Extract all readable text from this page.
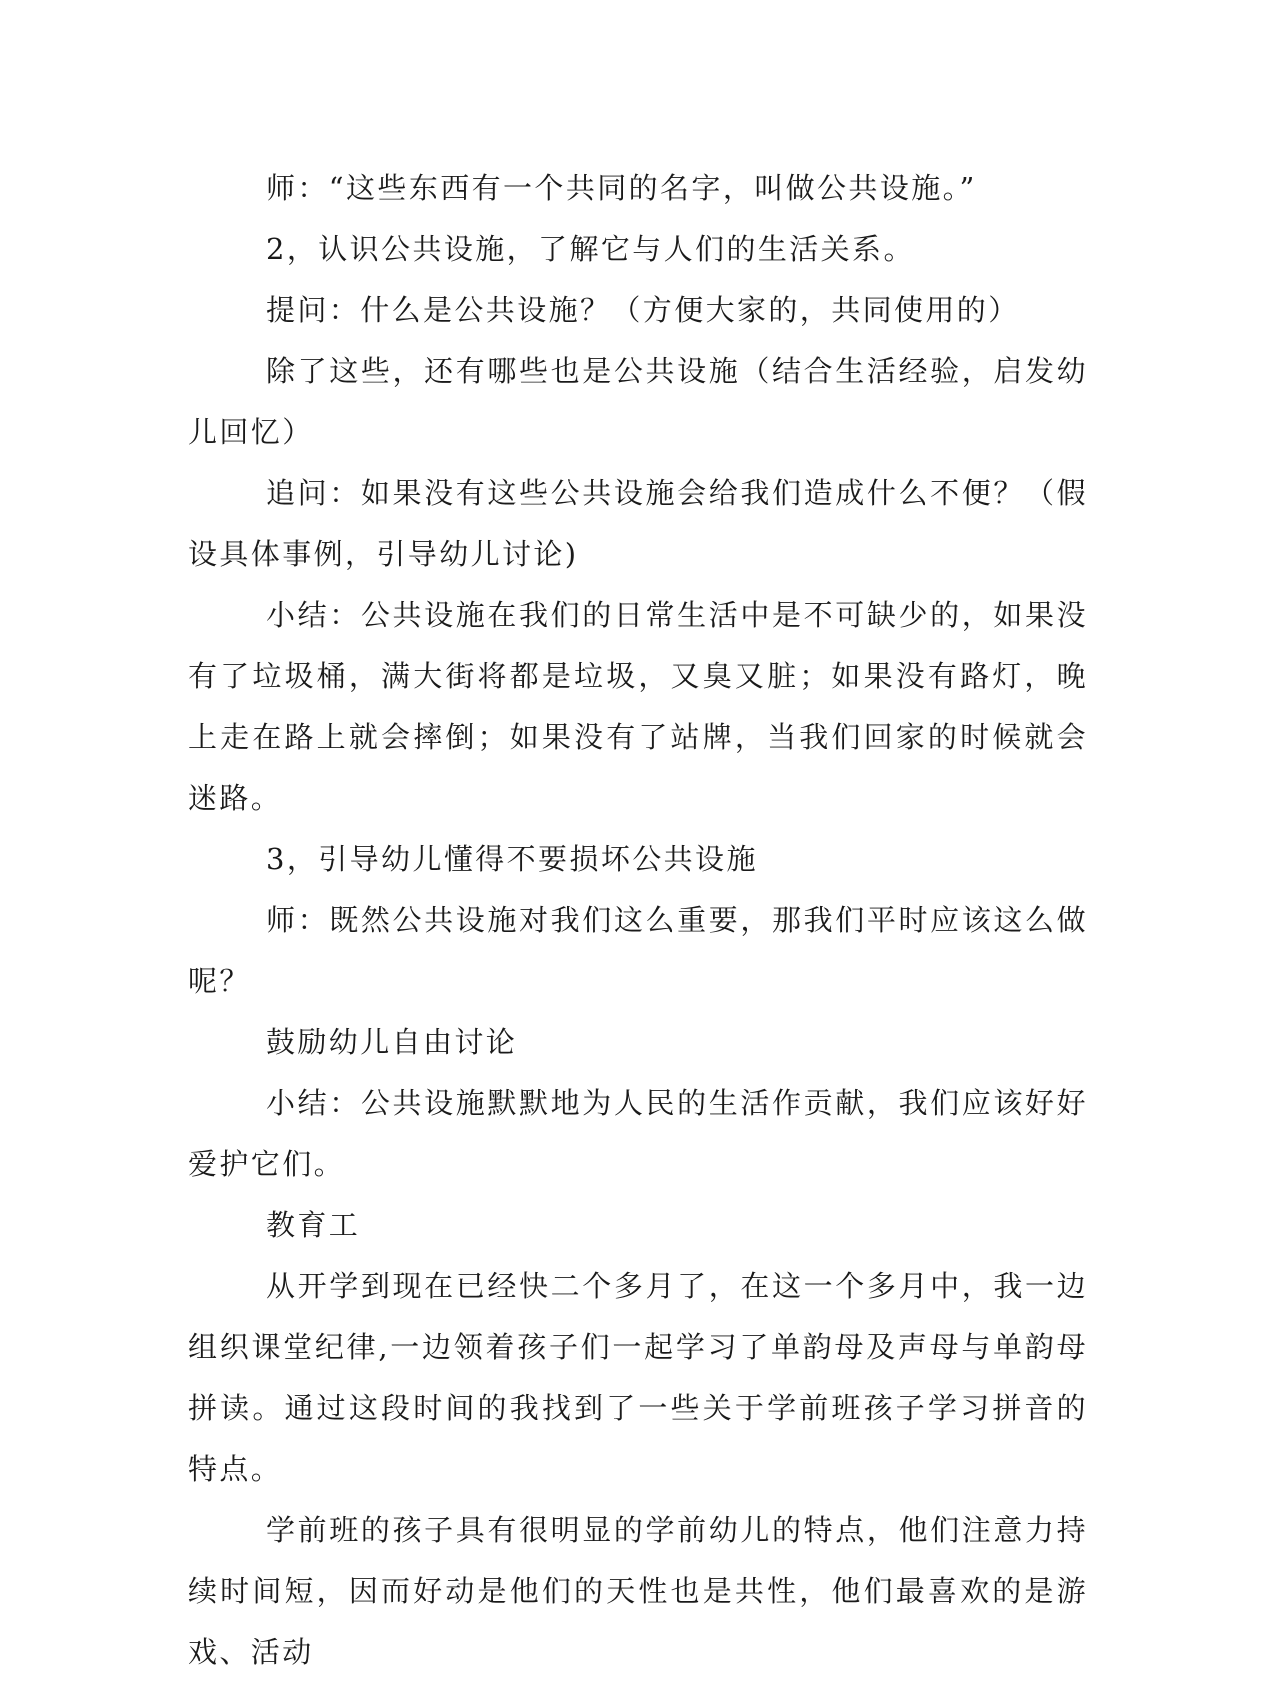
师：“这些东西有一个共同的名字，叫做公共设施。”

2，认识公共设施，了解它与人们的生活关系。

提问：什么是公共设施？（方便大家的，共同使用的）

除了这些，还有哪些也是公共设施（结合生活经验，启发幼儿回忆）

追问：如果没有这些公共设施会给我们造成什么不便？（假设具体事例，引导幼儿讨论)

小结：公共设施在我们的日常生活中是不可缺少的，如果没有了垃圾桶，满大街将都是垃圾，又臭又脏；如果没有路灯，晚上走在路上就会摔倒；如果没有了站牌，当我们回家的时候就会迷路。

3，引导幼儿懂得不要损坏公共设施

师：既然公共设施对我们这么重要，那我们平时应该这么做呢？

鼓励幼儿自由讨论

小结：公共设施默默地为人民的生活作贡献，我们应该好好爱护它们。

教育工

从开学到现在已经快二个多月了，在这一个多月中，我一边组织课堂纪律,一边领着孩子们一起学习了单韵母及声母与单韵母拼读。通过这段时间的我找到了一些关于学前班孩子学习拼音的特点。

学前班的孩子具有很明显的学前幼儿的特点，他们注意力持续时间短，因而好动是他们的天性也是共性，他们最喜欢的是游戏、活动
